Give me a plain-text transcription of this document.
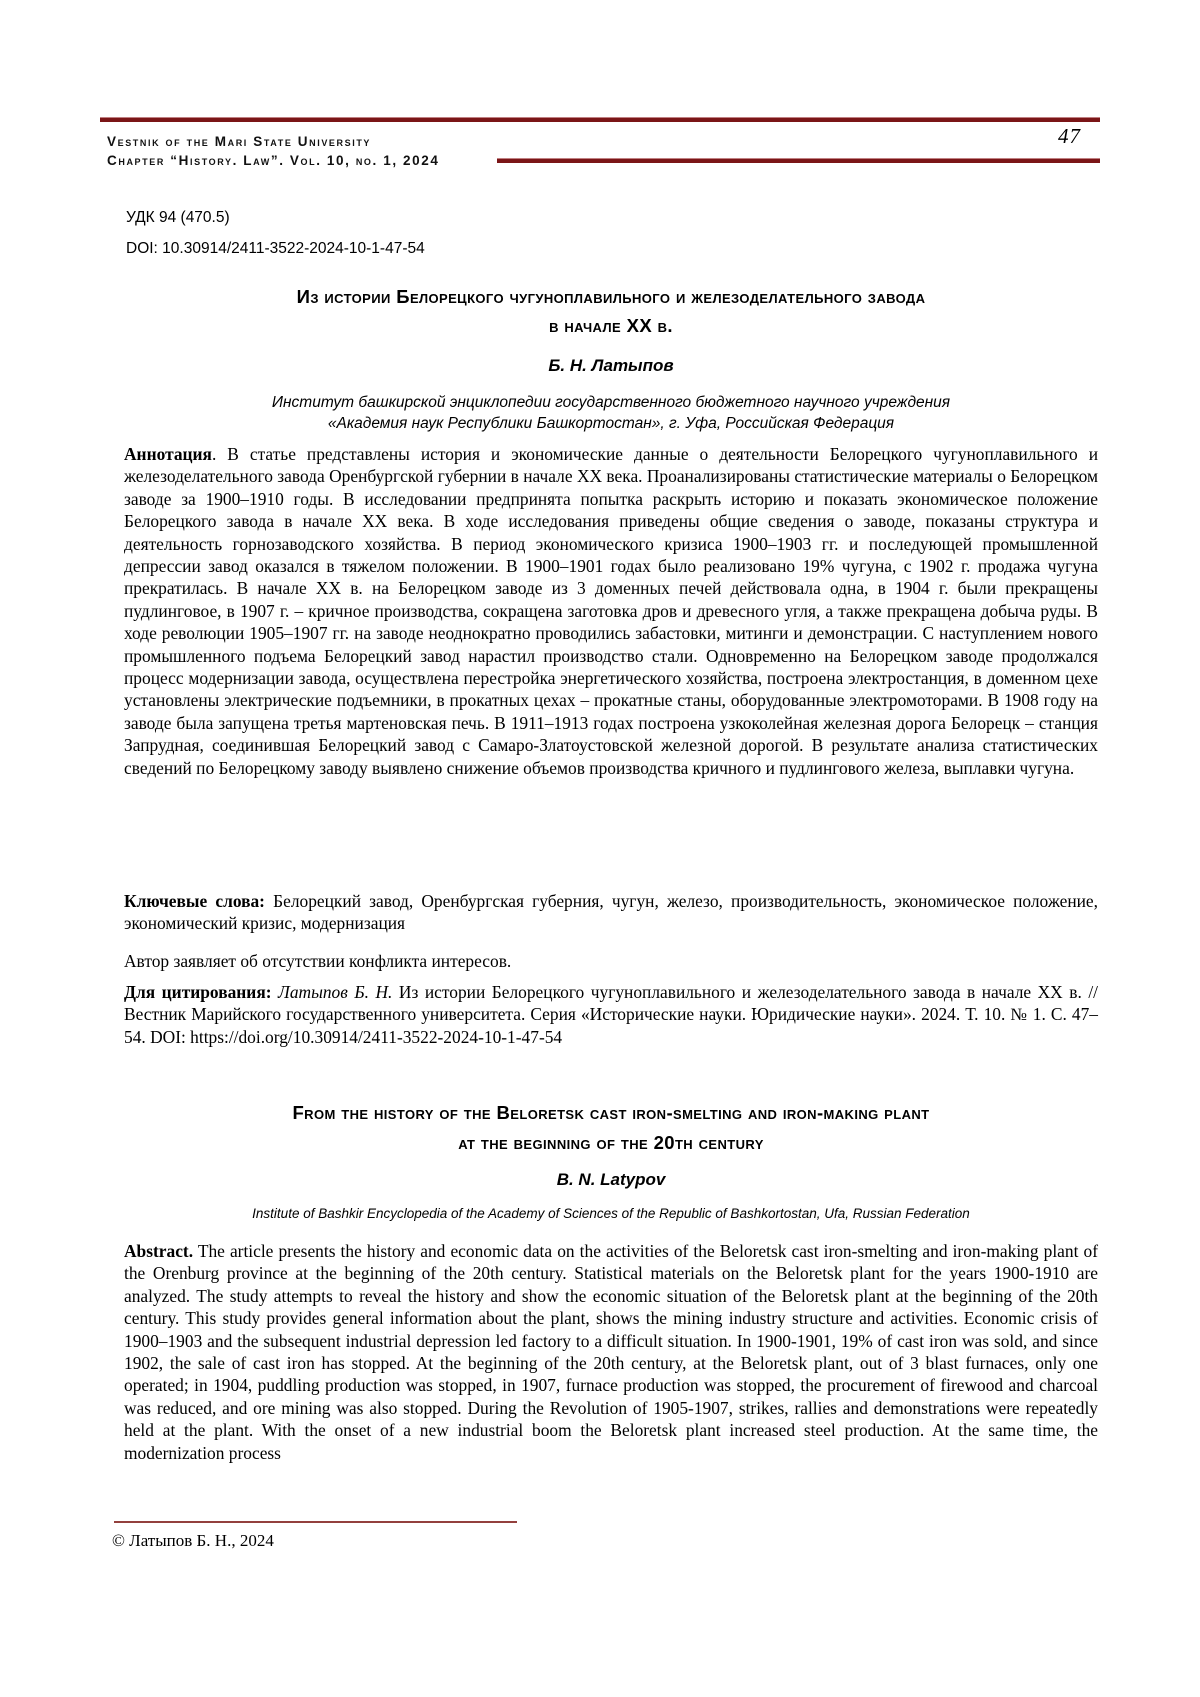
Vestnik of the Mari State University
Chapter “History. Law”. Vol. 10, no. 1, 2024
47
УДК 94 (470.5)
DOI: 10.30914/2411-3522-2024-10-1-47-54
Из истории Белорецкого чугуноплавильного и железоделательного завода
в начале XX в.
Б. Н. Латыпов
Институт башкирской энциклопедии государственного бюджетного научного учреждения
«Академия наук Республики Башкортостан», г. Уфа, Российская Федерация
Аннотация. В статье представлены история и экономические данные о деятельности Белорецкого чугуноплавильного и железоделательного завода Оренбургской губернии в начале XX века. Проанализированы статистические материалы о Белорецком заводе за 1900–1910 годы. В исследовании предпринята попытка раскрыть историю и показать экономическое положение Белорецкого завода в начале XX века. В ходе исследования приведены общие сведения о заводе, показаны структура и деятельность горнозаводского хозяйства. В период экономического кризиса 1900–1903 гг. и последующей промышленной депрессии завод оказался в тяжелом положении. В 1900–1901 годах было реализовано 19% чугуна, с 1902 г. продажа чугуна прекратилась. В начале XX в. на Белорецком заводе из 3 доменных печей действовала одна, в 1904 г. были прекращены пудлинговое, в 1907 г. – кричное производства, сокращена заготовка дров и древесного угля, а также прекращена добыча руды. В ходе революции 1905–1907 гг. на заводе неоднократно проводились забастовки, митинги и демонстрации. С наступлением нового промышленного подъема Белорецкий завод нарастил производство стали. Одновременно на Белорецком заводе продолжался процесс модернизации завода, осуществлена перестройка энергетического хозяйства, построена электростанция, в доменном цехе установлены электрические подъемники, в прокатных цехах – прокатные станы, оборудованные электромоторами. В 1908 году на заводе была запущена третья мартеновская печь. В 1911–1913 годах построена узкоколейная железная дорога Белорецк – станция Запрудная, соединившая Белорецкий завод с Самаро-Златоустовской железной дорогой. В результате анализа статистических сведений по Белорецкому заводу выявлено снижение объемов производства кричного и пудлингового железа, выплавки чугуна.
Ключевые слова: Белорецкий завод, Оренбургская губерния, чугун, железо, производительность, экономическое положение, экономический кризис, модернизация
Автор заявляет об отсутствии конфликта интересов.
Для цитирования: Латыпов Б. Н. Из истории Белорецкого чугуноплавильного и железоделательного завода в начале XX в. // Вестник Марийского государственного университета. Серия «Исторические науки. Юридические науки». 2024. Т. 10. № 1. С. 47–54. DOI: https://doi.org/10.30914/2411-3522-2024-10-1-47-54
From the history of the Beloretsk cast iron-smelting and iron-making plant
at the beginning of the 20th century
B. N. Latypov
Institute of Bashkir Encyclopedia of the Academy of Sciences of the Republic of Bashkortostan, Ufa, Russian Federation
Abstract. The article presents the history and economic data on the activities of the Beloretsk cast iron-smelting and iron-making plant of the Orenburg province at the beginning of the 20th century. Statistical materials on the Beloretsk plant for the years 1900-1910 are analyzed. The study attempts to reveal the history and show the economic situation of the Beloretsk plant at the beginning of the 20th century. This study provides general information about the plant, shows the mining industry structure and activities. Economic crisis of 1900–1903 and the subsequent industrial depression led factory to a difficult situation. In 1900-1901, 19% of cast iron was sold, and since 1902, the sale of cast iron has stopped. At the beginning of the 20th century, at the Beloretsk plant, out of 3 blast furnaces, only one operated; in 1904, puddling production was stopped, in 1907, furnace production was stopped, the procurement of firewood and charcoal was reduced, and ore mining was also stopped. During the Revolution of 1905-1907, strikes, rallies and demonstrations were repeatedly held at the plant. With the onset of a new industrial boom the Beloretsk plant increased steel production. At the same time, the modernization process
© Латыпов Б. Н., 2024
